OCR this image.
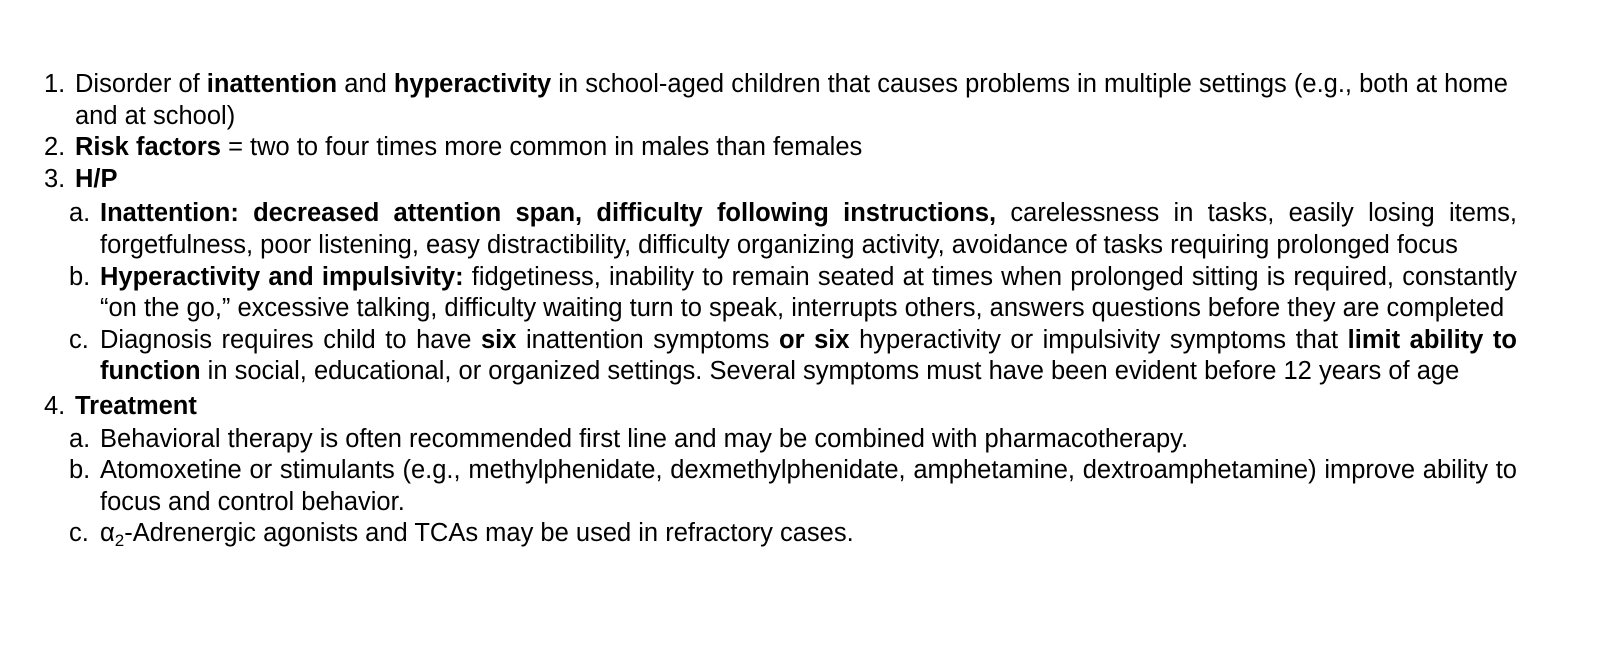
1. Disorder of inattention and hyperactivity in school-aged children that causes problems in multiple settings (e.g., both at home and at school)
2. Risk factors = two to four times more common in males than females
3. H/P
a. Inattention: decreased attention span, difficulty following instructions, carelessness in tasks, easily losing items, forgetfulness, poor listening, easy distractibility, difficulty organizing activity, avoidance of tasks requiring prolonged focus
b. Hyperactivity and impulsivity: fidgetiness, inability to remain seated at times when prolonged sitting is required, constantly “on the go,” excessive talking, difficulty waiting turn to speak, interrupts others, answers questions before they are completed
c. Diagnosis requires child to have six inattention symptoms or six hyperactivity or impulsivity symptoms that limit ability to function in social, educational, or organized settings. Several symptoms must have been evident before 12 years of age
4. Treatment
a. Behavioral therapy is often recommended first line and may be combined with pharmacotherapy.
b. Atomoxetine or stimulants (e.g., methylphenidate, dexmethylphenidate, amphetamine, dextroamphetamine) improve ability to focus and control behavior.
c. $\alpha_2$-Adrenergic agonists and TCAs may be used in refractory cases.
